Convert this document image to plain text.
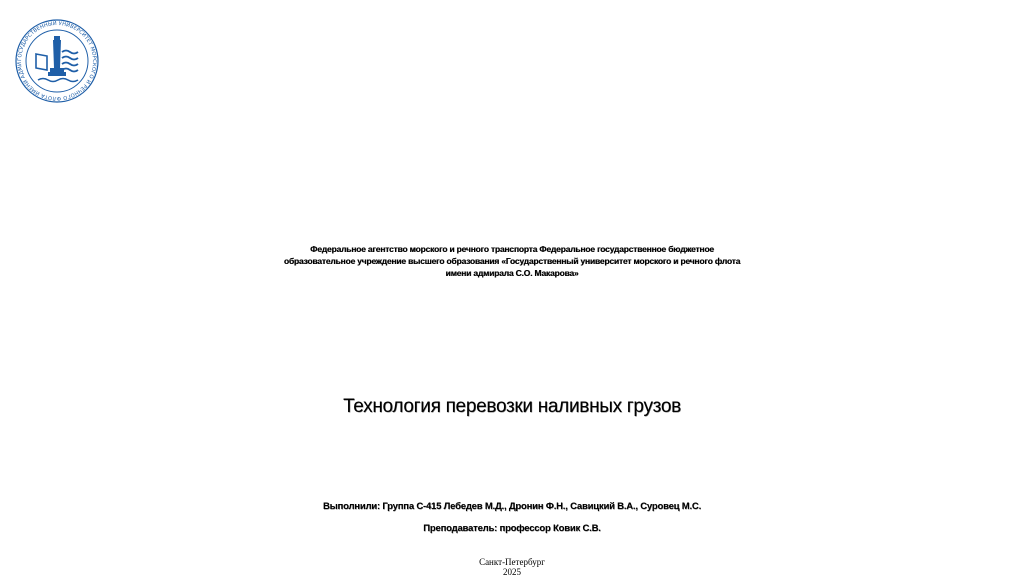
ГОСУДАРСТВЕННЫЙ УНИВЕРСИТЕТ МОРСКОГО И РЕЧНОГО ФЛОТА ИМЕНИ АДМИ
Федеральное агентство морского и речного транспорта Федеральное государственное бюджетное
образовательное учреждение высшего образования «Государственный университет морского и речного флота
имени адмирала С.О. Макарова»
Технология перевозки наливных грузов
Выполнили: Группа С-415 Лебедев М.Д., Дронин Ф.Н., Савицкий В.А., Суровец М.С.
Преподаватель: профессор Ковик С.В.
Санкт-Петербург
2025
